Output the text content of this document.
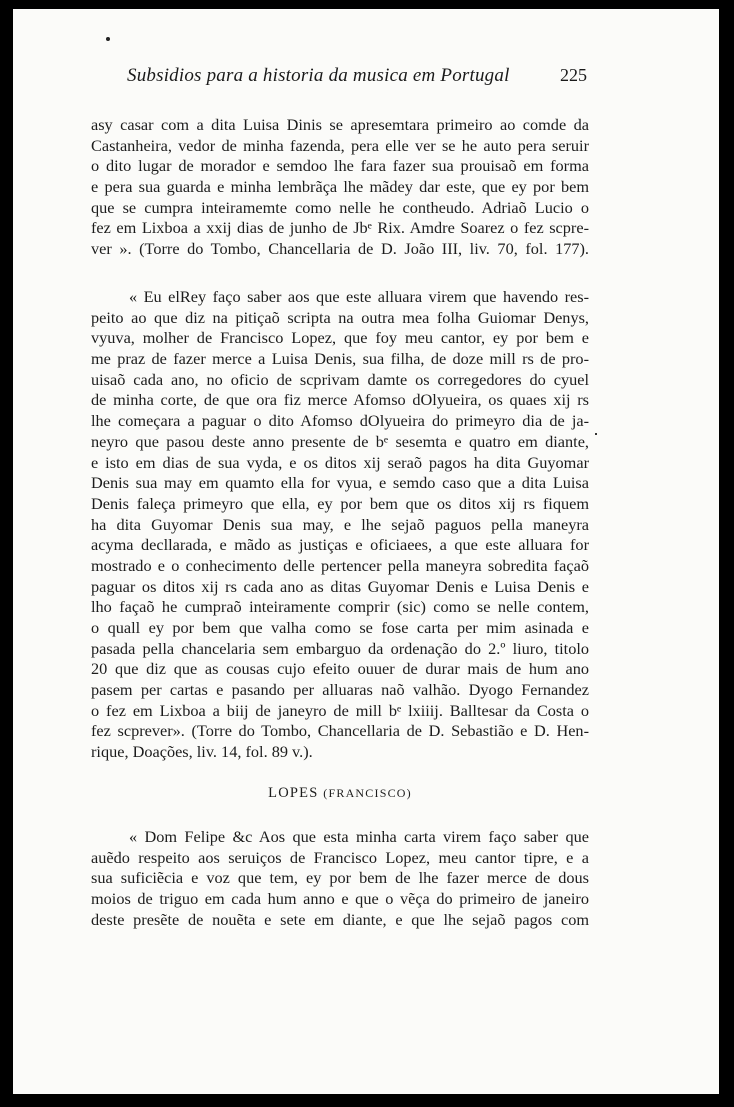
Subsidios para a historia da musica em Portugal	225
asy casar com a dita Luisa Dinis se apresemtara primeiro ao comde da
Castanheira, vedor de minha fazenda, pera elle ver se he auto pera seruir
o dito lugar de morador e semdoo lhe fara fazer sua prouisaõ em forma
e pera sua guarda e minha lembrãça lhe mãdey dar este, que ey por bem
que se cumpra inteiramemte como nelle he contheudo. Adriaõ Lucio o
fez em Lixboa a xxij dias de junho de Jbᵉ Rix. Amdre Soarez o fez scpre-
ver ». (Torre do Tombo, Chancellaria de D. João III, liv. 70, fol. 177).
« Eu elRey faço saber aos que este alluara virem que havendo res-
peito ao que diz na pitiçaõ scripta na outra mea folha Guiomar Denys,
vyuva, molher de Francisco Lopez, que foy meu cantor, ey por bem e
me praz de fazer merce a Luisa Denis, sua filha, de doze mill rs de pro-
uisaõ cada ano, no oficio de scprivam damte os corregedores do cyuel
de minha corte, de que ora fiz merce Afomso dOlyueira, os quaes xij rs
lhe começara a paguar o dito Afomso dOlyueira do primeyro dia de ja-
neyro que pasou deste anno presente de bᵉ sesemta e quatro em diante,
e isto em dias de sua vyda, e os ditos xij seraõ pagos ha dita Guyomar
Denis sua may em quamto ella for vyua, e semdo caso que a dita Luisa
Denis faleça primeyro que ella, ey por bem que os ditos xij rs fiquem
ha dita Guyomar Denis sua may, e lhe sejaõ paguos pella maneyra
acyma decllarada, e mãdo as justiças e oficiaees, a que este alluara for
mostrado e o conhecimento delle pertencer pella maneyra sobredita façaõ
paguar os ditos xij rs cada ano as ditas Guyomar Denis e Luisa Denis e
lho façaõ he cumpraõ inteiramente comprir (sic) como se nelle contem,
o quall ey por bem que valha como se fose carta per mim asinada e
pasada pella chancelaria sem embarguo da ordenação do 2.º liuro, titolo
20 que diz que as cousas cujo efeito ouuer de durar mais de hum ano
pasem per cartas e pasando per alluaras naõ valhão. Dyogo Fernandez
o fez em Lixboa a biij de janeyro de mill bᵉ lxiiij. Balltesar da Costa o
fez scprever». (Torre do Tombo, Chancellaria de D. Sebastião e D. Hen-
rique, Doações, liv. 14, fol. 89 v.).
LOPES (FRANCISCO)
« Dom Felipe &c Aos que esta minha carta virem faço saber que
auẽdo respeito aos seruiços de Francisco Lopez, meu cantor tipre, e a
sua suficiẽcia e voz que tem, ey por bem de lhe fazer merce de dous
moios de triguo em cada hum anno e que o vẽça do primeiro de janeiro
deste presẽte de nouẽta e sete em diante, e que lhe sejaõ pagos com
